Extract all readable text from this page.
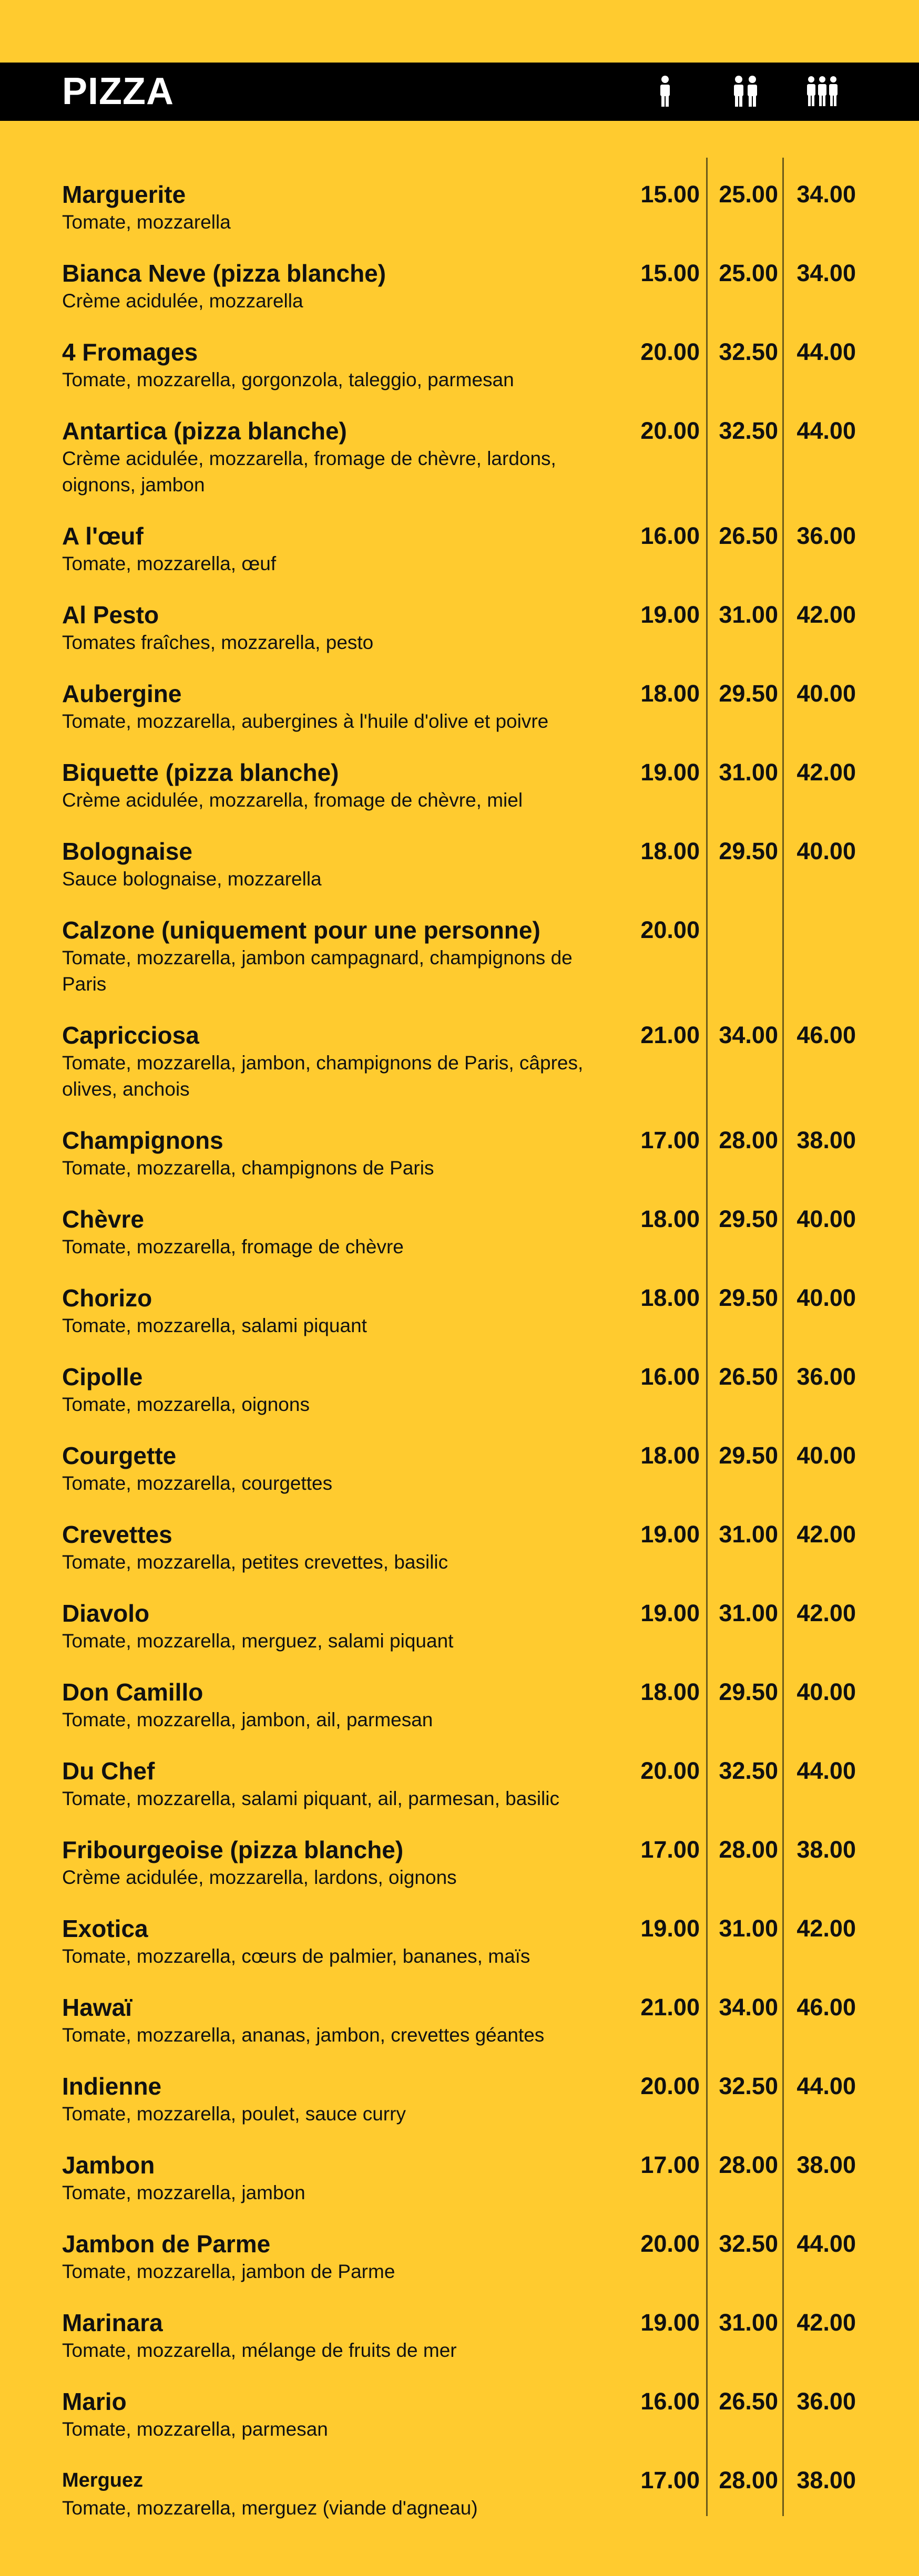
PIZZA
Marguerite
Tomate, mozzarella
15.00 25.00 34.00
Bianca Neve (pizza blanche)
Crème acidulée, mozzarella
15.00 25.00 34.00
4 Fromages
Tomate, mozzarella, gorgonzola, taleggio, parmesan
20.00 32.50 44.00
Antartica (pizza blanche)
Crème acidulée, mozzarella, fromage de chèvre, lardons, oignons, jambon
20.00 32.50 44.00
A l'œuf
Tomate, mozzarella, œuf
16.00 26.50 36.00
Al Pesto
Tomates fraîches, mozzarella, pesto
19.00 31.00 42.00
Aubergine
Tomate, mozzarella, aubergines à l'huile d'olive et poivre
18.00 29.50 40.00
Biquette (pizza blanche)
Crème acidulée, mozzarella, fromage de chèvre, miel
19.00 31.00 42.00
Bolognaise
Sauce bolognaise, mozzarella
18.00 29.50 40.00
Calzone (uniquement pour une personne)
Tomate, mozzarella, jambon campagnard, champignons de Paris
20.00
Capricciosa
Tomate, mozzarella, jambon, champignons de Paris, câpres, olives, anchois
21.00 34.00 46.00
Champignons
Tomate, mozzarella, champignons de Paris
17.00 28.00 38.00
Chèvre
Tomate, mozzarella, fromage de chèvre
18.00 29.50 40.00
Chorizo
Tomate, mozzarella, salami piquant
18.00 29.50 40.00
Cipolle
Tomate, mozzarella, oignons
16.00 26.50 36.00
Courgette
Tomate, mozzarella, courgettes
18.00 29.50 40.00
Crevettes
Tomate, mozzarella, petites crevettes, basilic
19.00 31.00 42.00
Diavolo
Tomate, mozzarella, merguez, salami piquant
19.00 31.00 42.00
Don Camillo
Tomate, mozzarella, jambon, ail, parmesan
18.00 29.50 40.00
Du Chef
Tomate, mozzarella, salami piquant, ail, parmesan, basilic
20.00 32.50 44.00
Fribourgeoise (pizza blanche)
Crème acidulée, mozzarella, lardons, oignons
17.00 28.00 38.00
Exotica
Tomate, mozzarella, cœurs de palmier, bananes, maïs
19.00 31.00 42.00
Hawaï
Tomate, mozzarella, ananas, jambon, crevettes géantes
21.00 34.00 46.00
Indienne
Tomate, mozzarella, poulet, sauce curry
20.00 32.50 44.00
Jambon
Tomate, mozzarella, jambon
17.00 28.00 38.00
Jambon de Parme
Tomate, mozzarella, jambon de Parme
20.00 32.50 44.00
Marinara
Tomate, mozzarella, mélange de fruits de mer
19.00 31.00 42.00
Mario
Tomate, mozzarella, parmesan
16.00 26.50 36.00
Merguez
Tomate, mozzarella, merguez (viande d'agneau)
17.00 28.00 38.00
